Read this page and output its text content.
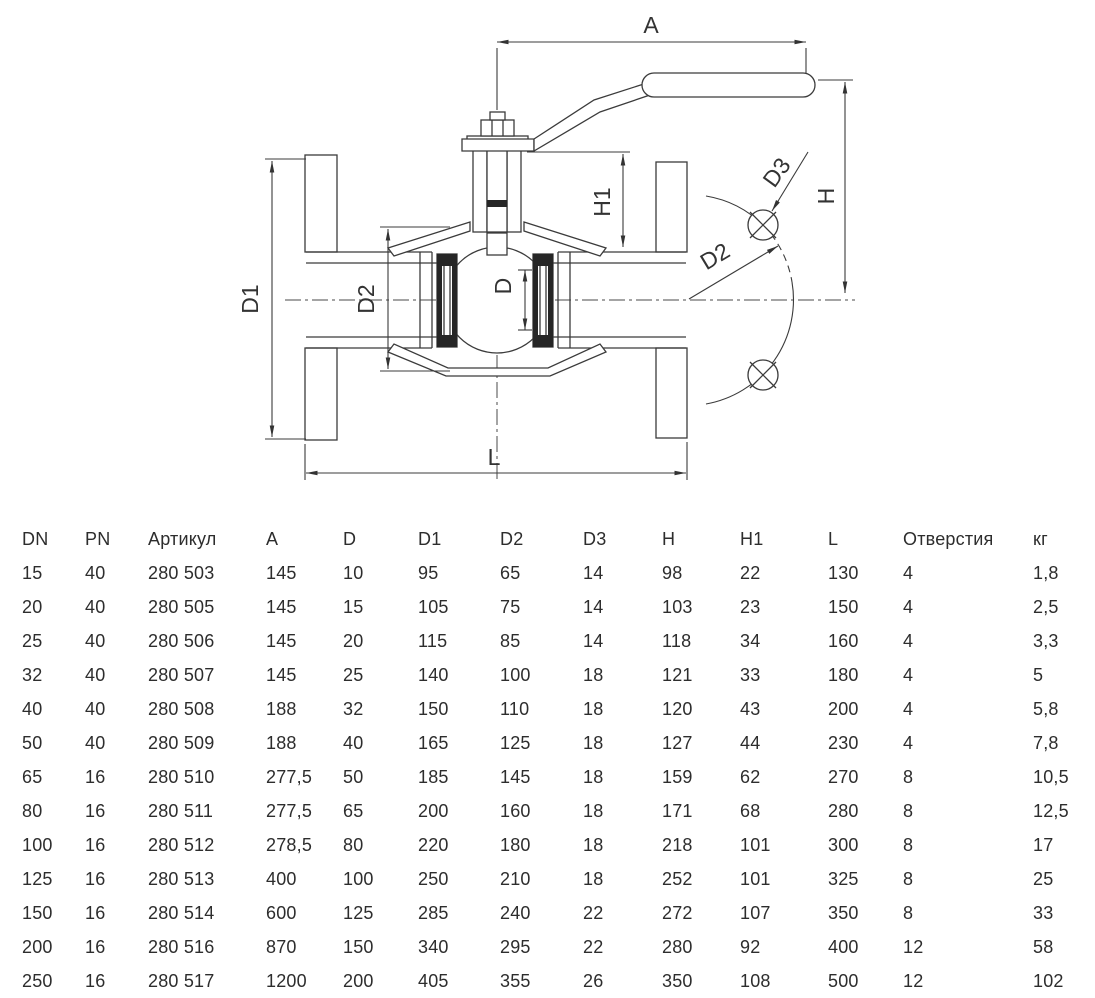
A
H
H1
D1	D2	D
L
D2
D3
DN	PN	Артикул	A	D	D1	D2	D3	H	H1	L	Отверстия	кг
15	40	280 503	145	10	95	65	14	98	22	130	4	1,8
20	40	280 505	145	15	105	75	14	103	23	150	4	2,5
25	40	280 506	145	20	115	85	14	118	34	160	4	3,3
32	40	280 507	145	25	140	100	18	121	33	180	4	5
40	40	280 508	188	32	150	110	18	120	43	200	4	5,8
50	40	280 509	188	40	165	125	18	127	44	230	4	7,8
65	16	280 510	277,5	50	185	145	18	159	62	270	8	10,5
80	16	280 511	277,5	65	200	160	18	171	68	280	8	12,5
100	16	280 512	278,5	80	220	180	18	218	101	300	8	17
125	16	280 513	400	100	250	210	18	252	101	325	8	25
150	16	280 514	600	125	285	240	22	272	107	350	8	33
200	16	280 516	870	150	340	295	22	280	92	400	12	58
250	16	280 517	1200	200	405	355	26	350	108	500	12	102
